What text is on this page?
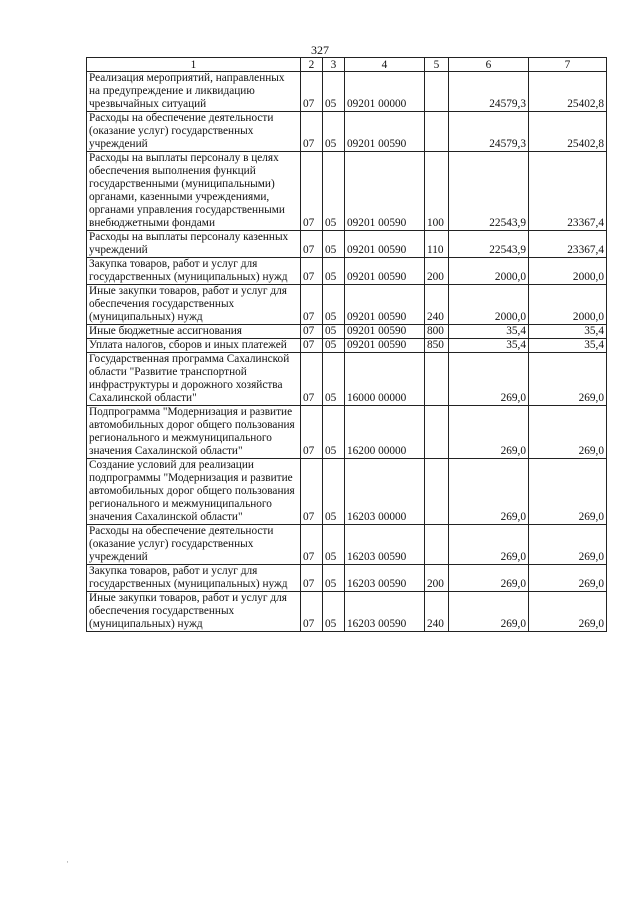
327
1	2	3	4	5	6	7
Реализация мероприятий, направленных на предупреждение и ликвидацию чрезвычайных ситуаций	07	05	09201 00000		24579,3	25402,8
Расходы на обеспечение деятельности (оказание услуг) государственных учреждений	07	05	09201 00590		24579,3	25402,8
Расходы на выплаты персоналу в целях обеспечения выполнения функций государственными (муниципальными) органами, казенными учреждениями, органами управления государственными внебюджетными фондами	07	05	09201 00590	100	22543,9	23367,4
Расходы на выплаты персоналу казенных учреждений	07	05	09201 00590	110	22543,9	23367,4
Закупка товаров, работ и услуг для государственных (муниципальных) нужд	07	05	09201 00590	200	2000,0	2000,0
Иные закупки товаров, работ и услуг для обеспечения государственных (муниципальных) нужд	07	05	09201 00590	240	2000,0	2000,0
Иные бюджетные ассигнования	07	05	09201 00590	800	35,4	35,4
Уплата налогов, сборов и иных платежей	07	05	09201 00590	850	35,4	35,4
Государственная программа Сахалинской области "Развитие транспортной инфраструктуры и дорожного хозяйства Сахалинской области"	07	05	16000 00000		269,0	269,0
Подпрограмма "Модернизация и развитие автомобильных дорог общего пользования регионального и межмуниципального значения Сахалинской области"	07	05	16200 00000		269,0	269,0
Создание условий для реализации подпрограммы "Модернизация и развитие автомобильных дорог общего пользования регионального и межмуниципального значения Сахалинской области"	07	05	16203 00000		269,0	269,0
Расходы на обеспечение деятельности (оказание услуг) государственных учреждений	07	05	16203 00590		269,0	269,0
Закупка товаров, работ и услуг для государственных (муниципальных) нужд	07	05	16203 00590	200	269,0	269,0
Иные закупки товаров, работ и услуг для обеспечения государственных (муниципальных) нужд	07	05	16203 00590	240	269,0	269,0
·
